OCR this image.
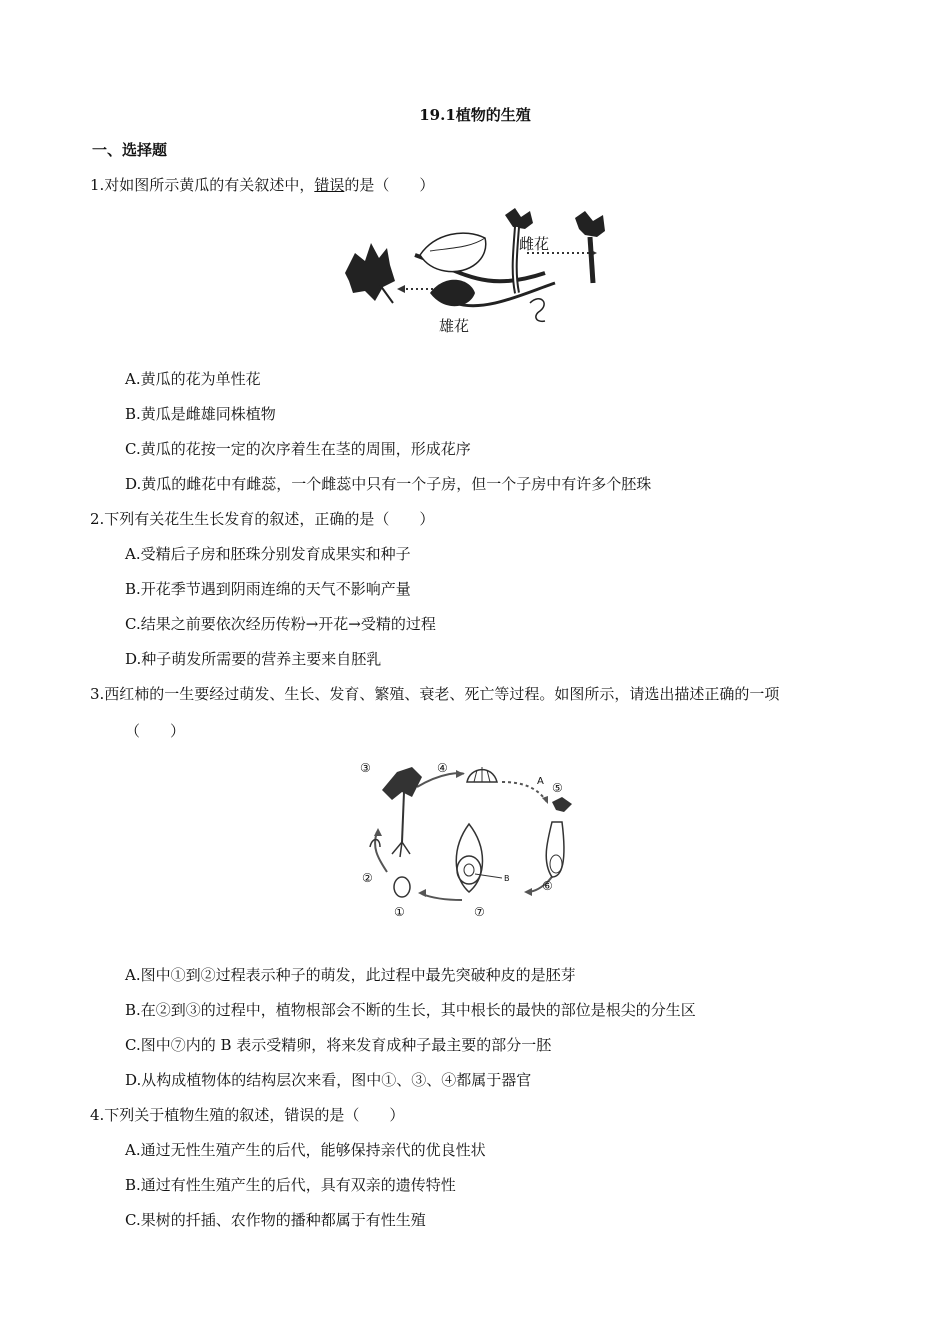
19.1植物的生殖
一、选择题
1.对如图所示黄瓜的有关叙述中，错误的是（　　）
雌花
雄花
A.黄瓜的花为单性花
B.黄瓜是雌雄同株植物
C.黄瓜的花按一定的次序着生在茎的周围，形成花序
D.黄瓜的雌花中有雌蕊，一个雌蕊中只有一个子房，但一个子房中有许多个胚珠
2.下列有关花生生长发育的叙述，正确的是（　　）
A.受精后子房和胚珠分别发育成果实和种子
B.开花季节遇到阴雨连绵的天气不影响产量
C.结果之前要依次经历传粉→开花→受精的过程
D.种子萌发所需要的营养主要来自胚乳
3.西红柿的一生要经过萌发、生长、发育、繁殖、衰老、死亡等过程。如图所示，请选出描述正确的一项
（　　）
③	④
⑤
A
⑥
⑦
B
①
②
A.图中①到②过程表示种子的萌发，此过程中最先突破种皮的是胚芽
B.在②到③的过程中，植物根部会不断的生长，其中根长的最快的部位是根尖的分生区
C.图中⑦内的 B 表示受精卵，将来发育成种子最主要的部分一胚
D.从构成植物体的结构层次来看，图中①、③、④都属于器官
4.下列关于植物生殖的叙述，错误的是（　　）
A.通过无性生殖产生的后代，能够保持亲代的优良性状
B.通过有性生殖产生的后代，具有双亲的遗传特性
C.果树的扦插、农作物的播种都属于有性生殖
